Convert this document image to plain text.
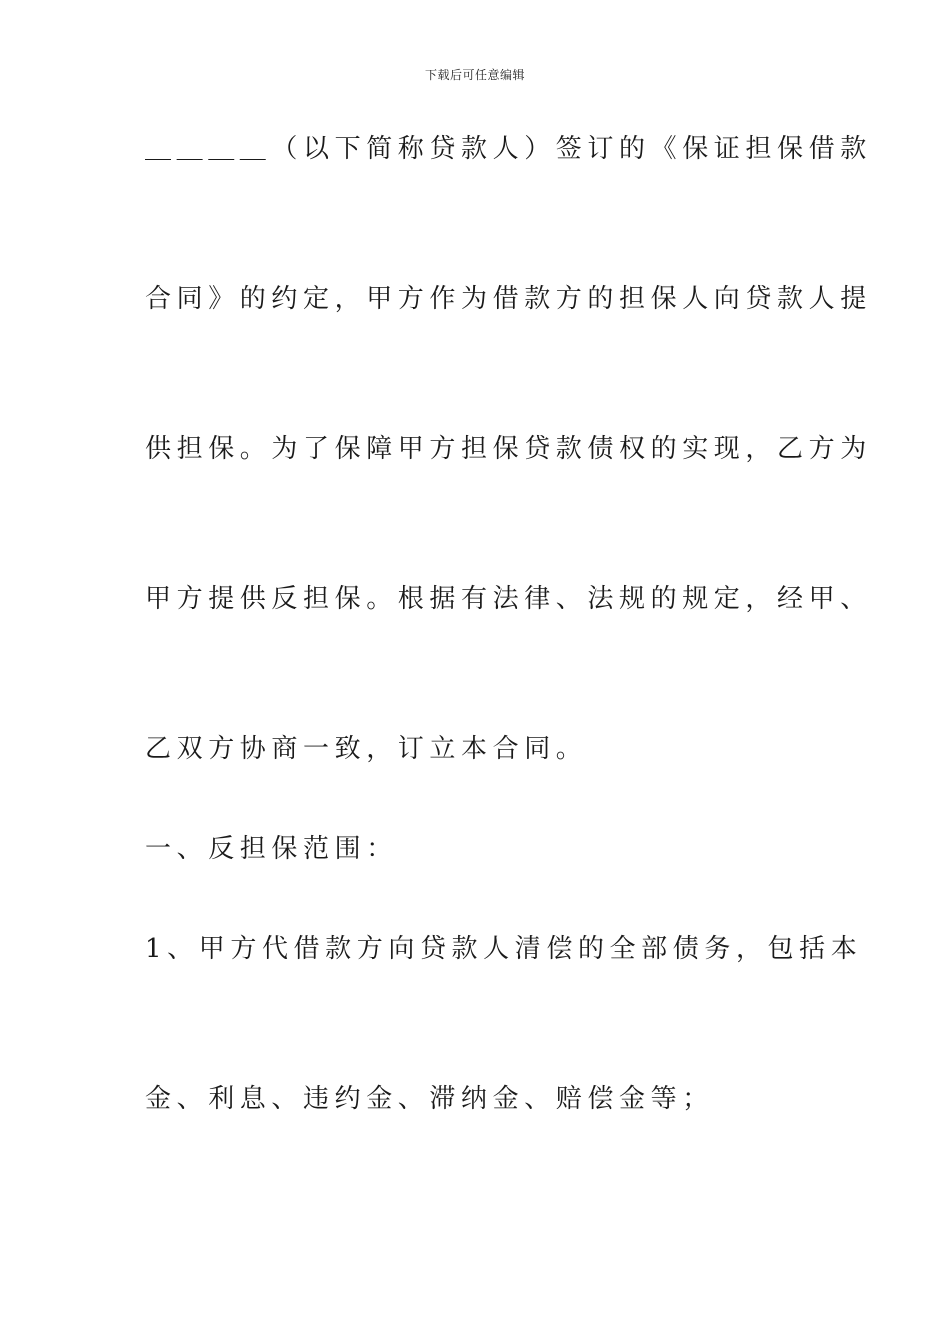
下载后可任意编辑
＿＿＿＿（以下简称贷款人）签订的《保证担保借款
合同》的约定，甲方作为借款方的担保人向贷款人提
供担保。为了保障甲方担保贷款债权的实现，乙方为
甲方提供反担保。根据有法律、法规的规定，经甲、
乙双方协商一致，订立本合同。
一、反担保范围：
1、甲方代借款方向贷款人清偿的全部债务，包括本
金、利息、违约金、滞纳金、赔偿金等；
